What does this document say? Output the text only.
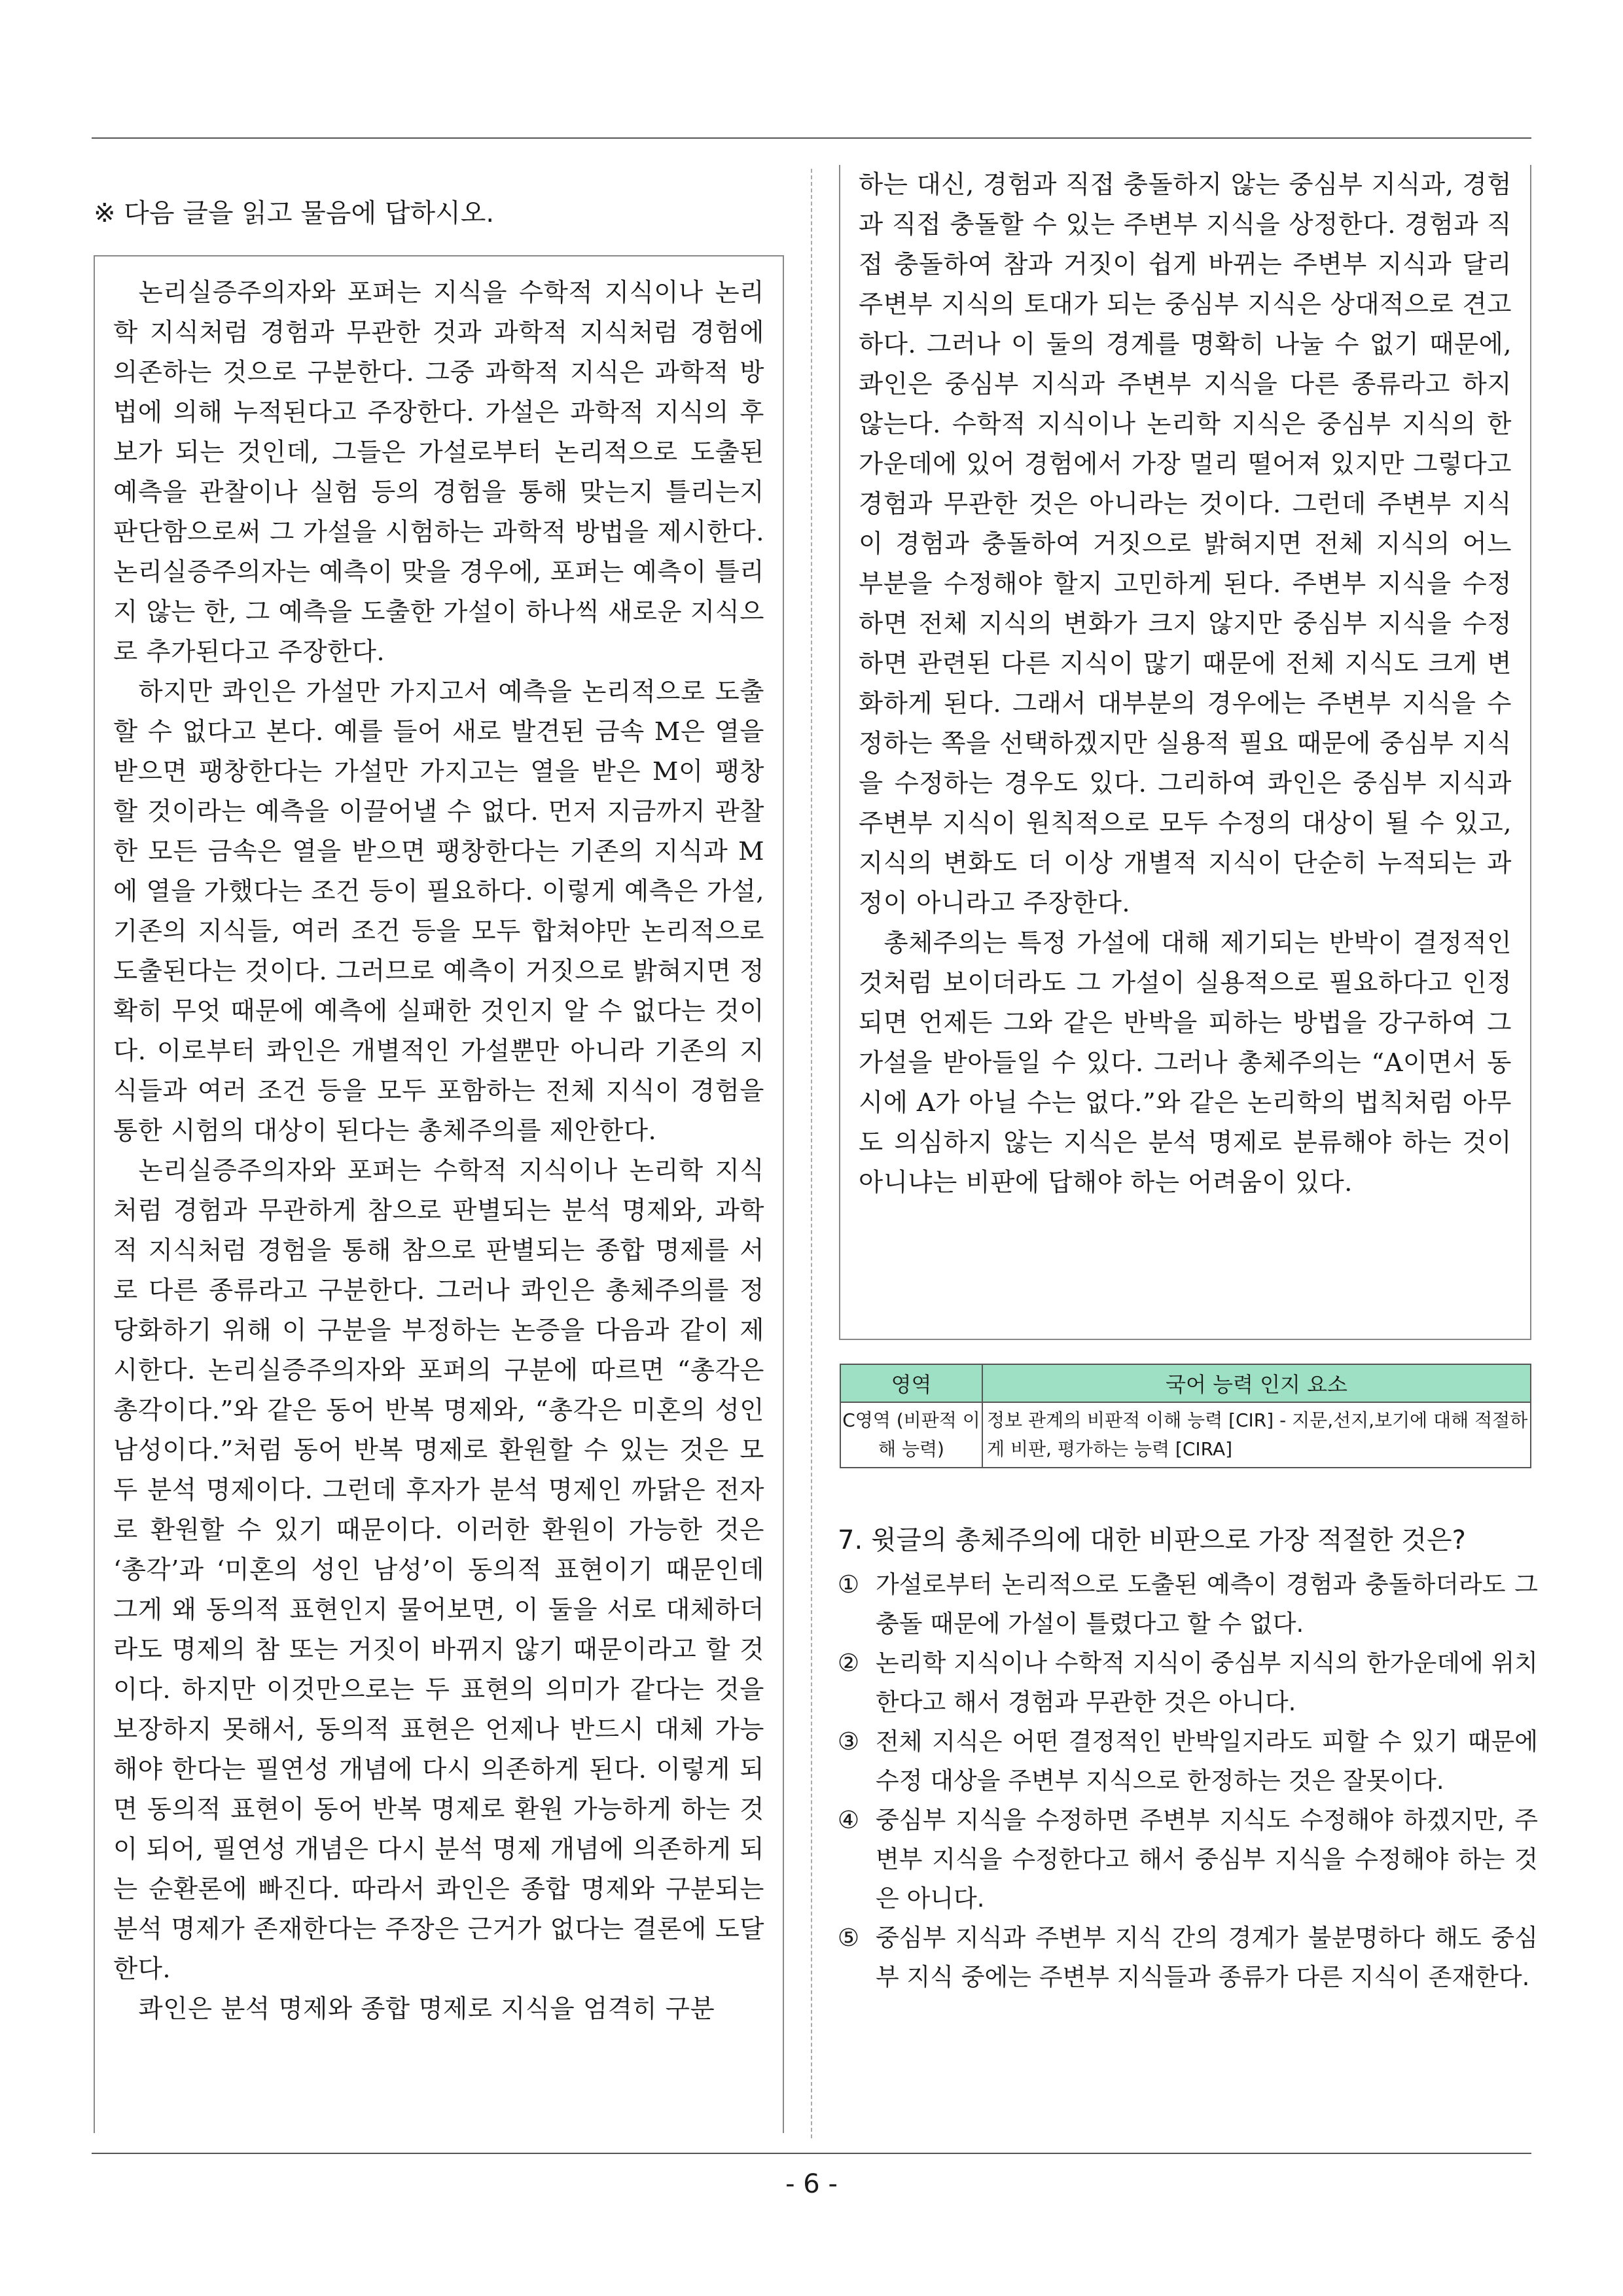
※ 다음 글을 읽고 물음에 답하시오.

논리실증주의자와 포퍼는 지식을 수학적 지식이나 논리학 지식처럼 경험과 무관한 것과 과학적 지식처럼 경험에 의존하는 것으로 구분한다. 그중 과학적 지식은 과학적 방법에 의해 누적된다고 주장한다. 가설은 과학적 지식의 후보가 되는 것인데, 그들은 가설로부터 논리적으로 도출된 예측을 관찰이나 실험 등의 경험을 통해 맞는지 틀리는지 판단함으로써 그 가설을 시험하는 과학적 방법을 제시한다. 논리실증주의자는 예측이 맞을 경우에, 포퍼는 예측이 틀리지 않는 한, 그 예측을 도출한 가설이 하나씩 새로운 지식으로 추가된다고 주장한다.

하지만 콰인은 가설만 가지고서 예측을 논리적으로 도출할 수 없다고 본다. 예를 들어 새로 발견된 금속 M은 열을 받으면 팽창한다는 가설만 가지고는 열을 받은 M이 팽창할 것이라는 예측을 이끌어낼 수 없다. 먼저 지금까지 관찰한 모든 금속은 열을 받으면 팽창한다는 기존의 지식과 M에 열을 가했다는 조건 등이 필요하다. 이렇게 예측은 가설, 기존의 지식들, 여러 조건 등을 모두 합쳐야만 논리적으로 도출된다는 것이다. 그러므로 예측이 거짓으로 밝혀지면 정확히 무엇 때문에 예측에 실패한 것인지 알 수 없다는 것이다. 이로부터 콰인은 개별적인 가설뿐만 아니라 기존의 지식들과 여러 조건 등을 모두 포함하는 전체 지식이 경험을 통한 시험의 대상이 된다는 총체주의를 제안한다.

논리실증주의자와 포퍼는 수학적 지식이나 논리학 지식처럼 경험과 무관하게 참으로 판별되는 분석 명제와, 과학적 지식처럼 경험을 통해 참으로 판별되는 종합 명제를 서로 다른 종류라고 구분한다. 그러나 콰인은 총체주의를 정당화하기 위해 이 구분을 부정하는 논증을 다음과 같이 제시한다. 논리실증주의자와 포퍼의 구분에 따르면 “총각은 총각이다.”와 같은 동어 반복 명제와, “총각은 미혼의 성인 남성이다.”처럼 동어 반복 명제로 환원할 수 있는 것은 모두 분석 명제이다. 그런데 후자가 분석 명제인 까닭은 전자로 환원할 수 있기 때문이다. 이러한 환원이 가능한 것은 ‘총각’과 ‘미혼의 성인 남성’이 동의적 표현이기 때문인데 그게 왜 동의적 표현인지 물어보면, 이 둘을 서로 대체하더라도 명제의 참 또는 거짓이 바뀌지 않기 때문이라고 할 것이다. 하지만 이것만으로는 두 표현의 의미가 같다는 것을 보장하지 못해서, 동의적 표현은 언제나 반드시 대체 가능해야 한다는 필연성 개념에 다시 의존하게 된다. 이렇게 되면 동의적 표현이 동어 반복 명제로 환원 가능하게 하는 것이 되어, 필연성 개념은 다시 분석 명제 개념에 의존하게 되는 순환론에 빠진다. 따라서 콰인은 종합 명제와 구분되는 분석 명제가 존재한다는 주장은 근거가 없다는 결론에 도달한다.

콰인은 분석 명제와 종합 명제로 지식을 엄격히 구분

하는 대신, 경험과 직접 충돌하지 않는 중심부 지식과, 경험과 직접 충돌할 수 있는 주변부 지식을 상정한다. 경험과 직접 충돌하여 참과 거짓이 쉽게 바뀌는 주변부 지식과 달리 주변부 지식의 토대가 되는 중심부 지식은 상대적으로 견고하다. 그러나 이 둘의 경계를 명확히 나눌 수 없기 때문에, 콰인은 중심부 지식과 주변부 지식을 다른 종류라고 하지 않는다. 수학적 지식이나 논리학 지식은 중심부 지식의 한가운데에 있어 경험에서 가장 멀리 떨어져 있지만 그렇다고 경험과 무관한 것은 아니라는 것이다. 그런데 주변부 지식이 경험과 충돌하여 거짓으로 밝혀지면 전체 지식의 어느 부분을 수정해야 할지 고민하게 된다. 주변부 지식을 수정하면 전체 지식의 변화가 크지 않지만 중심부 지식을 수정하면 관련된 다른 지식이 많기 때문에 전체 지식도 크게 변화하게 된다. 그래서 대부분의 경우에는 주변부 지식을 수정하는 쪽을 선택하겠지만 실용적 필요 때문에 중심부 지식을 수정하는 경우도 있다. 그리하여 콰인은 중심부 지식과 주변부 지식이 원칙적으로 모두 수정의 대상이 될 수 있고, 지식의 변화도 더 이상 개별적 지식이 단순히 누적되는 과정이 아니라고 주장한다.

총체주의는 특정 가설에 대해 제기되는 반박이 결정적인 것처럼 보이더라도 그 가설이 실용적으로 필요하다고 인정되면 언제든 그와 같은 반박을 피하는 방법을 강구하여 그 가설을 받아들일 수 있다. 그러나 총체주의는 “A이면서 동시에 A가 아닐 수는 없다.”와 같은 논리학의 법칙처럼 아무도 의심하지 않는 지식은 분석 명제로 분류해야 하는 것이 아니냐는 비판에 답해야 하는 어려움이 있다.

영역	국어 능력 인지 요소
C영역 (비판적 이해 능력)	정보 관계의 비판적 이해 능력 [CIR] - 지문,선지,보기에 대해 적절하게 비판, 평가하는 능력 [CIRA]

7. 윗글의 총체주의에 대한 비판으로 가장 적절한 것은?

① 가설로부터 논리적으로 도출된 예측이 경험과 충돌하더라도 그 충돌 때문에 가설이 틀렸다고 할 수 없다.
② 논리학 지식이나 수학적 지식이 중심부 지식의 한가운데에 위치한다고 해서 경험과 무관한 것은 아니다.
③ 전체 지식은 어떤 결정적인 반박일지라도 피할 수 있기 때문에 수정 대상을 주변부 지식으로 한정하는 것은 잘못이다.
④ 중심부 지식을 수정하면 주변부 지식도 수정해야 하겠지만, 주변부 지식을 수정한다고 해서 중심부 지식을 수정해야 하는 것은 아니다.
⑤ 중심부 지식과 주변부 지식 간의 경계가 불분명하다 해도 중심부 지식 중에는 주변부 지식들과 종류가 다른 지식이 존재한다.
- 6 -
